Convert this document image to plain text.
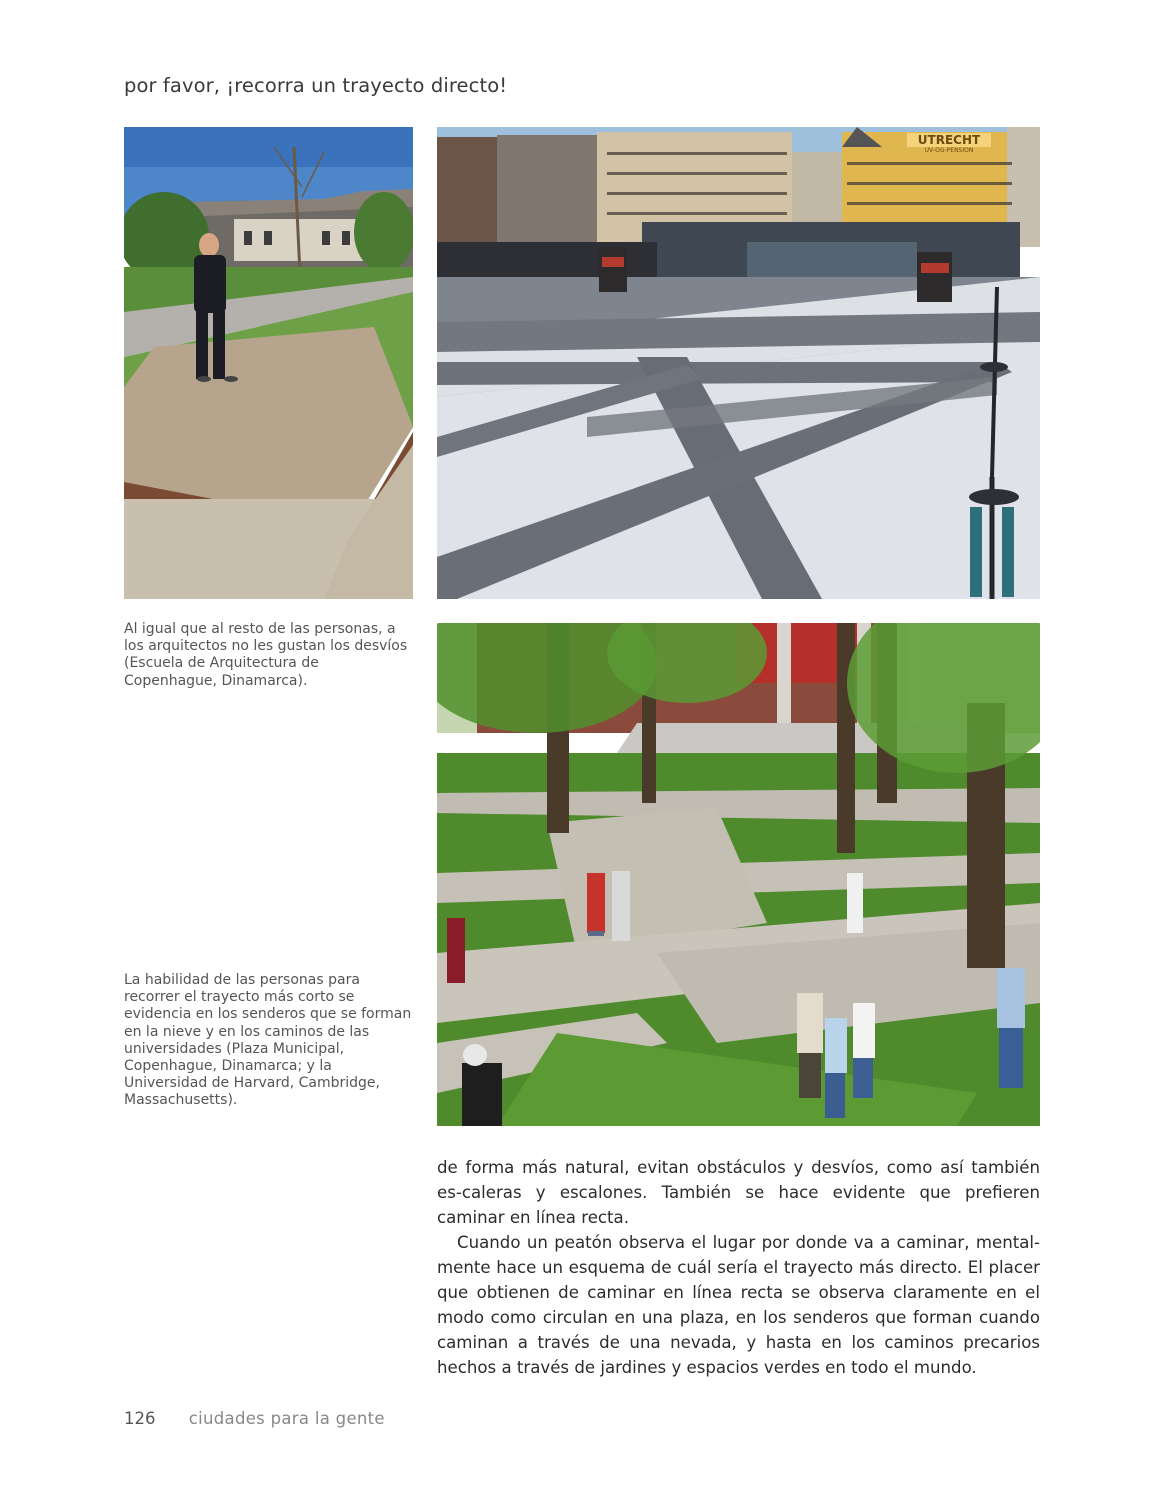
por favor, ¡recorra un trayecto directo!
UTRECHT
UV-OG-PENSION
Al igual que al resto de las personas, a los arquitectos no les gustan los desvíos (Escuela de Arquitectura de Copenhague, Dinamarca).
La habilidad de las personas para recorrer el trayecto más corto se evidencia en los senderos que se forman en la nieve y en los caminos de las universidades (Plaza Municipal, Copenhague, Dinamarca; y la Universidad de Harvard, Cambridge, Massachusetts).

de forma más natural, evitan obstáculos y desvíos, como así también es-caleras y escalones. También se hace evidente que prefieren caminar en línea recta.

Cuando un peatón observa el lugar por donde va a caminar, mental-mente hace un esquema de cuál sería el trayecto más directo. El placer que obtienen de caminar en línea recta se observa claramente en el modo como circulan en una plaza, en los senderos que forman cuando caminan a través de una nevada, y hasta en los caminos precarios hechos a través de jardines y espacios verdes en todo el mundo.

126 ciudades para la gente
